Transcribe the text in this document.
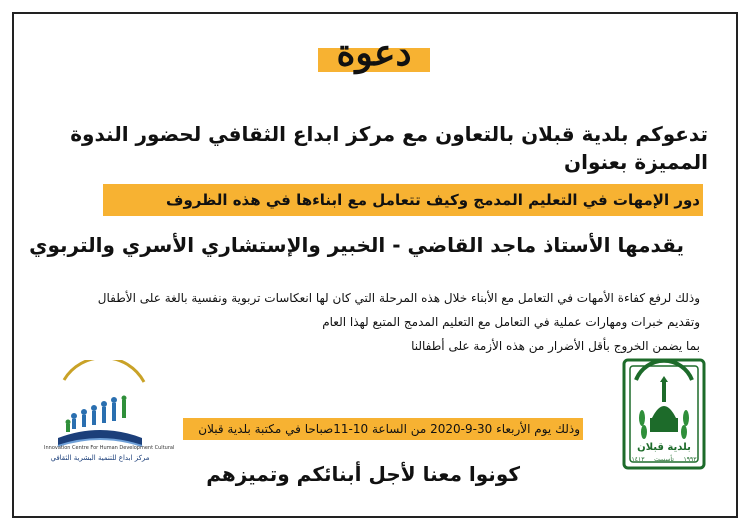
دعوة
تدعوكم بلدية قبلان بالتعاون مع مركز ابداع الثقافي لحضور الندوة المميزة بعنوان
دور الإمهات في التعليم المدمج وكيف تتعامل مع ابناءها في هذه الظروف
يقدمها الأستاذ ماجد القاضي - الخبير والإستشاري الأسري والتربوي
وذلك لرفع كفاءة الأمهات في التعامل مع الأبناء خلال هذه المرحلة التي كان لها انعكاسات تربوية ونفسية بالغة على الأطفال
وتقديم خبرات ومهارات عملية في التعامل مع التعليم المدمج المتبع لهذا العام
بما يضمن الخروج بأقل الأضرار من هذه الأزمة على أطفالنا
وذلك يوم الأربعاء 30-9-2020 من الساعة 10-11صباحا في مكتبة بلدية قبلان
كونوا معنا لأجل أبنائكم وتميزهم
مركز ابداع للتنمية البشرية الثقافي
Innovation Centre For Human Development Cultural	بلدية قبلان
١٤١٣ تأسست ١٩٩٣
